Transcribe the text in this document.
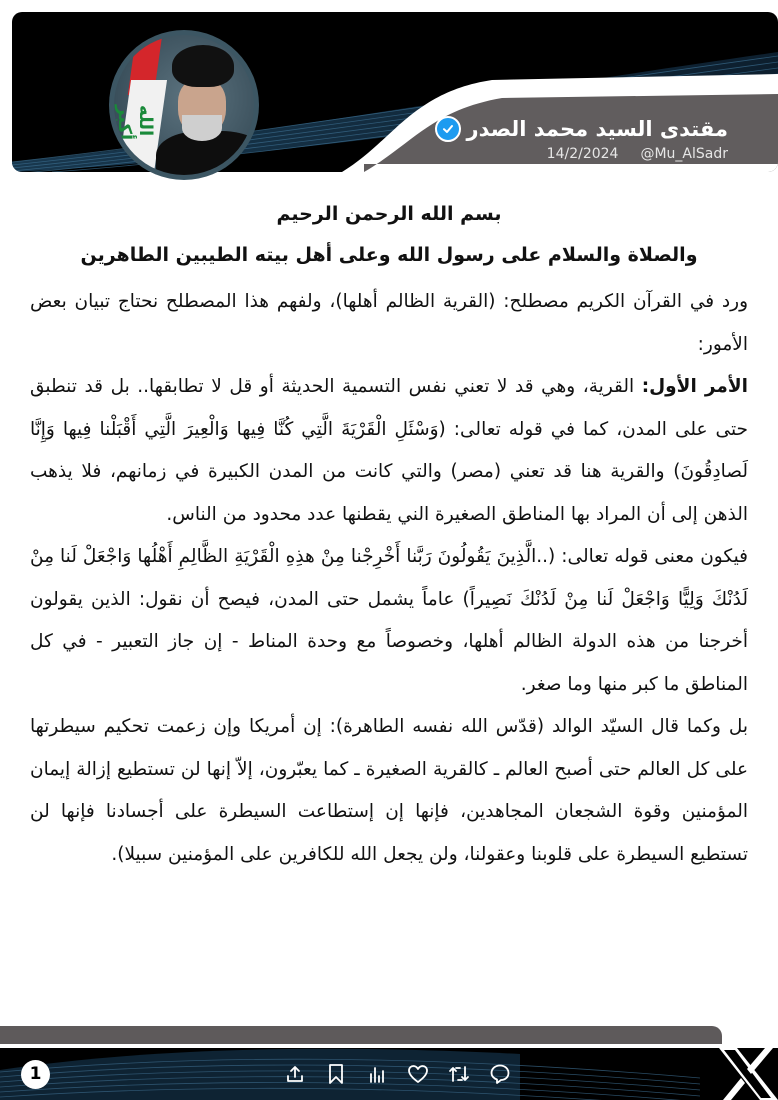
الله أكبر	مقتدى السيد محمد الصدر
14/2/2024 @Mu_AlSadr
بسم الله الرحمن الرحيم
والصلاة والسلام على رسول الله وعلى أهل بيته الطيبين الطاهرين

ورد في القرآن الكريم مصطلح: (القرية الظالم أهلها)، ولفهم هذا المصطلح نحتاج تبيان بعض الأمور:

الأمر الأول: القرية، وهي قد لا تعني نفس التسمية الحديثة أو قل لا تطابقها.. بل قد تنطبق حتى على المدن، كما في قوله تعالى: (وَسْئَلِ الْقَرْيَةَ الَّتِي كُنَّا فِيها وَالْعِيرَ الَّتِي أَقْبَلْنا فِيها وَإِنَّا لَصادِقُونَ) والقرية هنا قد تعني (مصر) والتي كانت من المدن الكبيرة في زمانهم، فلا يذهب الذهن إلى أن المراد بها المناطق الصغيرة الني يقطنها عدد محدود من الناس.

فيكون معنى قوله تعالى: (..الَّذِينَ يَقُولُونَ رَبَّنا أَخْرِجْنا مِنْ هذِهِ الْقَرْيَةِ الظَّالِمِ أَهْلُها وَاجْعَلْ لَنا مِنْ لَدُنْكَ وَلِيًّا وَاجْعَلْ لَنا مِنْ لَدُنْكَ نَصِيراً) عاماً يشمل حتى المدن، فيصح أن نقول: الذين يقولون أخرجنا من هذه الدولة الظالم أهلها، وخصوصاً مع وحدة المناط - إن جاز التعبير - في كل المناطق ما كبر منها وما صغر.

بل وكما قال السيّد الوالد (قدّس الله نفسه الطاهرة): إن أمريكا وإن زعمت تحكيم سيطرتها على كل العالم حتى أصبح العالم ـ كالقرية الصغيرة ـ كما يعبّرون، إلاّ إنها لن تستطيع إزالة إيمان المؤمنين وقوة الشجعان المجاهدين، فإنها إن إستطاعت السيطرة على أجسادنا فإنها لن تستطيع السيطرة على قلوبنا وعقولنا، ولن يجعل الله للكافرين على المؤمنين سبيلا).

1
